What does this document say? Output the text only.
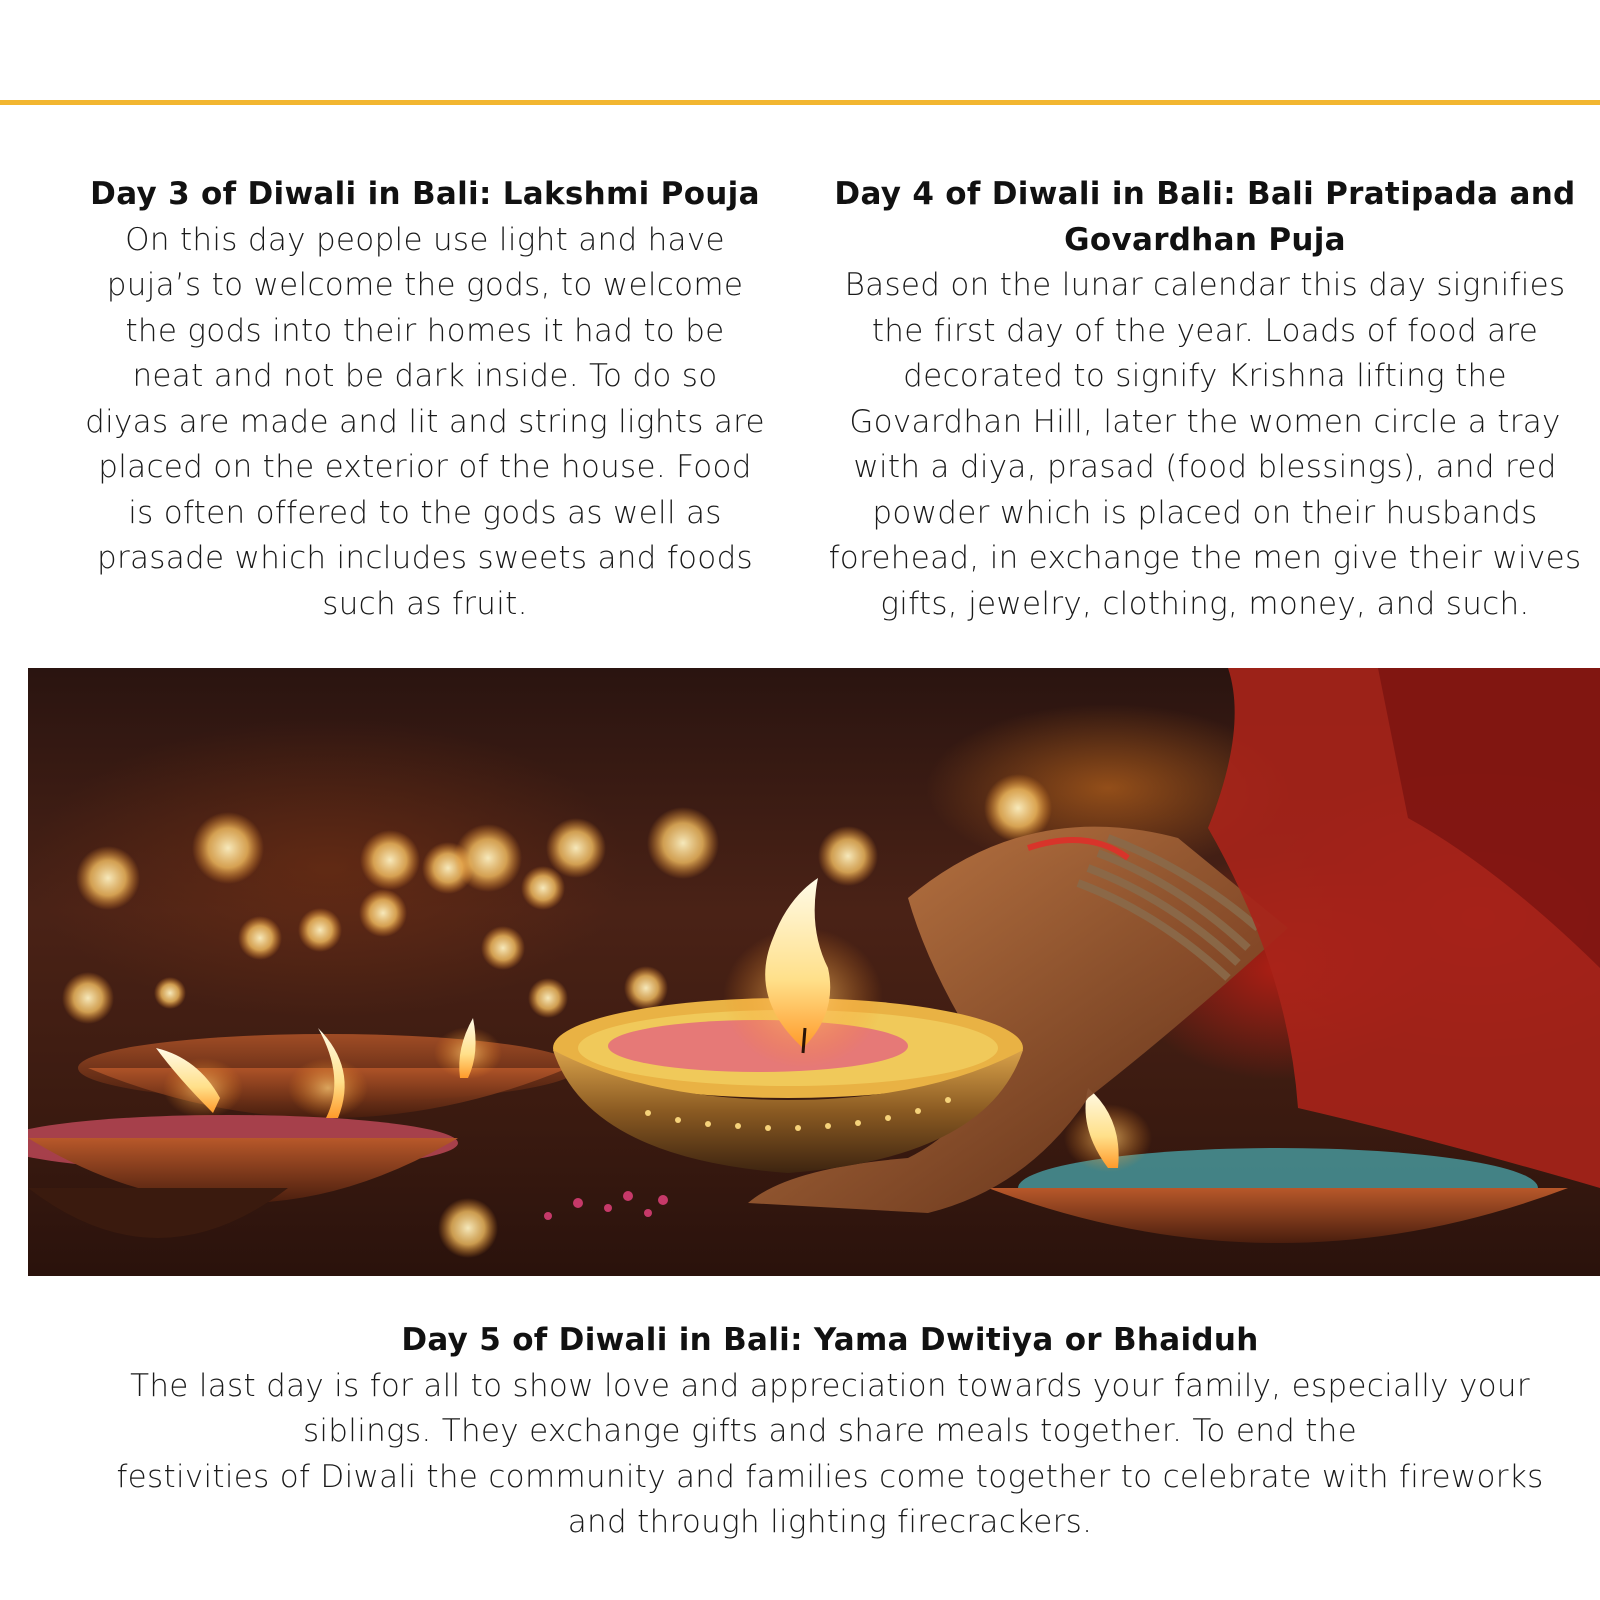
Day 3 of Diwali in Bali: Lakshmi Pouja

On this day people use light and have
puja’s to welcome the gods, to welcome
the gods into their homes it had to be
neat and not be dark inside. To do so
diyas are made and lit and string lights are
placed on the exterior of the house. Food
is often offered to the gods as well as
prasade which includes sweets and foods
such as fruit.

Day 4 of Diwali in Bali: Bali Pratipada and
Govardhan Puja

Based on the lunar calendar this day signifies
the first day of the year. Loads of food are
decorated to signify Krishna lifting the
Govardhan Hill, later the women circle a tray
with a diya, prasad (food blessings), and red
powder which is placed on their husbands
forehead, in exchange the men give their wives
gifts, jewelry, clothing, money, and such.

Day 5 of Diwali in Bali: Yama Dwitiya or Bhaiduh

The last day is for all to show love and appreciation towards your family, especially your
siblings. They exchange gifts and share meals together. To end the
festivities of Diwali the community and families come together to celebrate with fireworks
and through lighting firecrackers.
